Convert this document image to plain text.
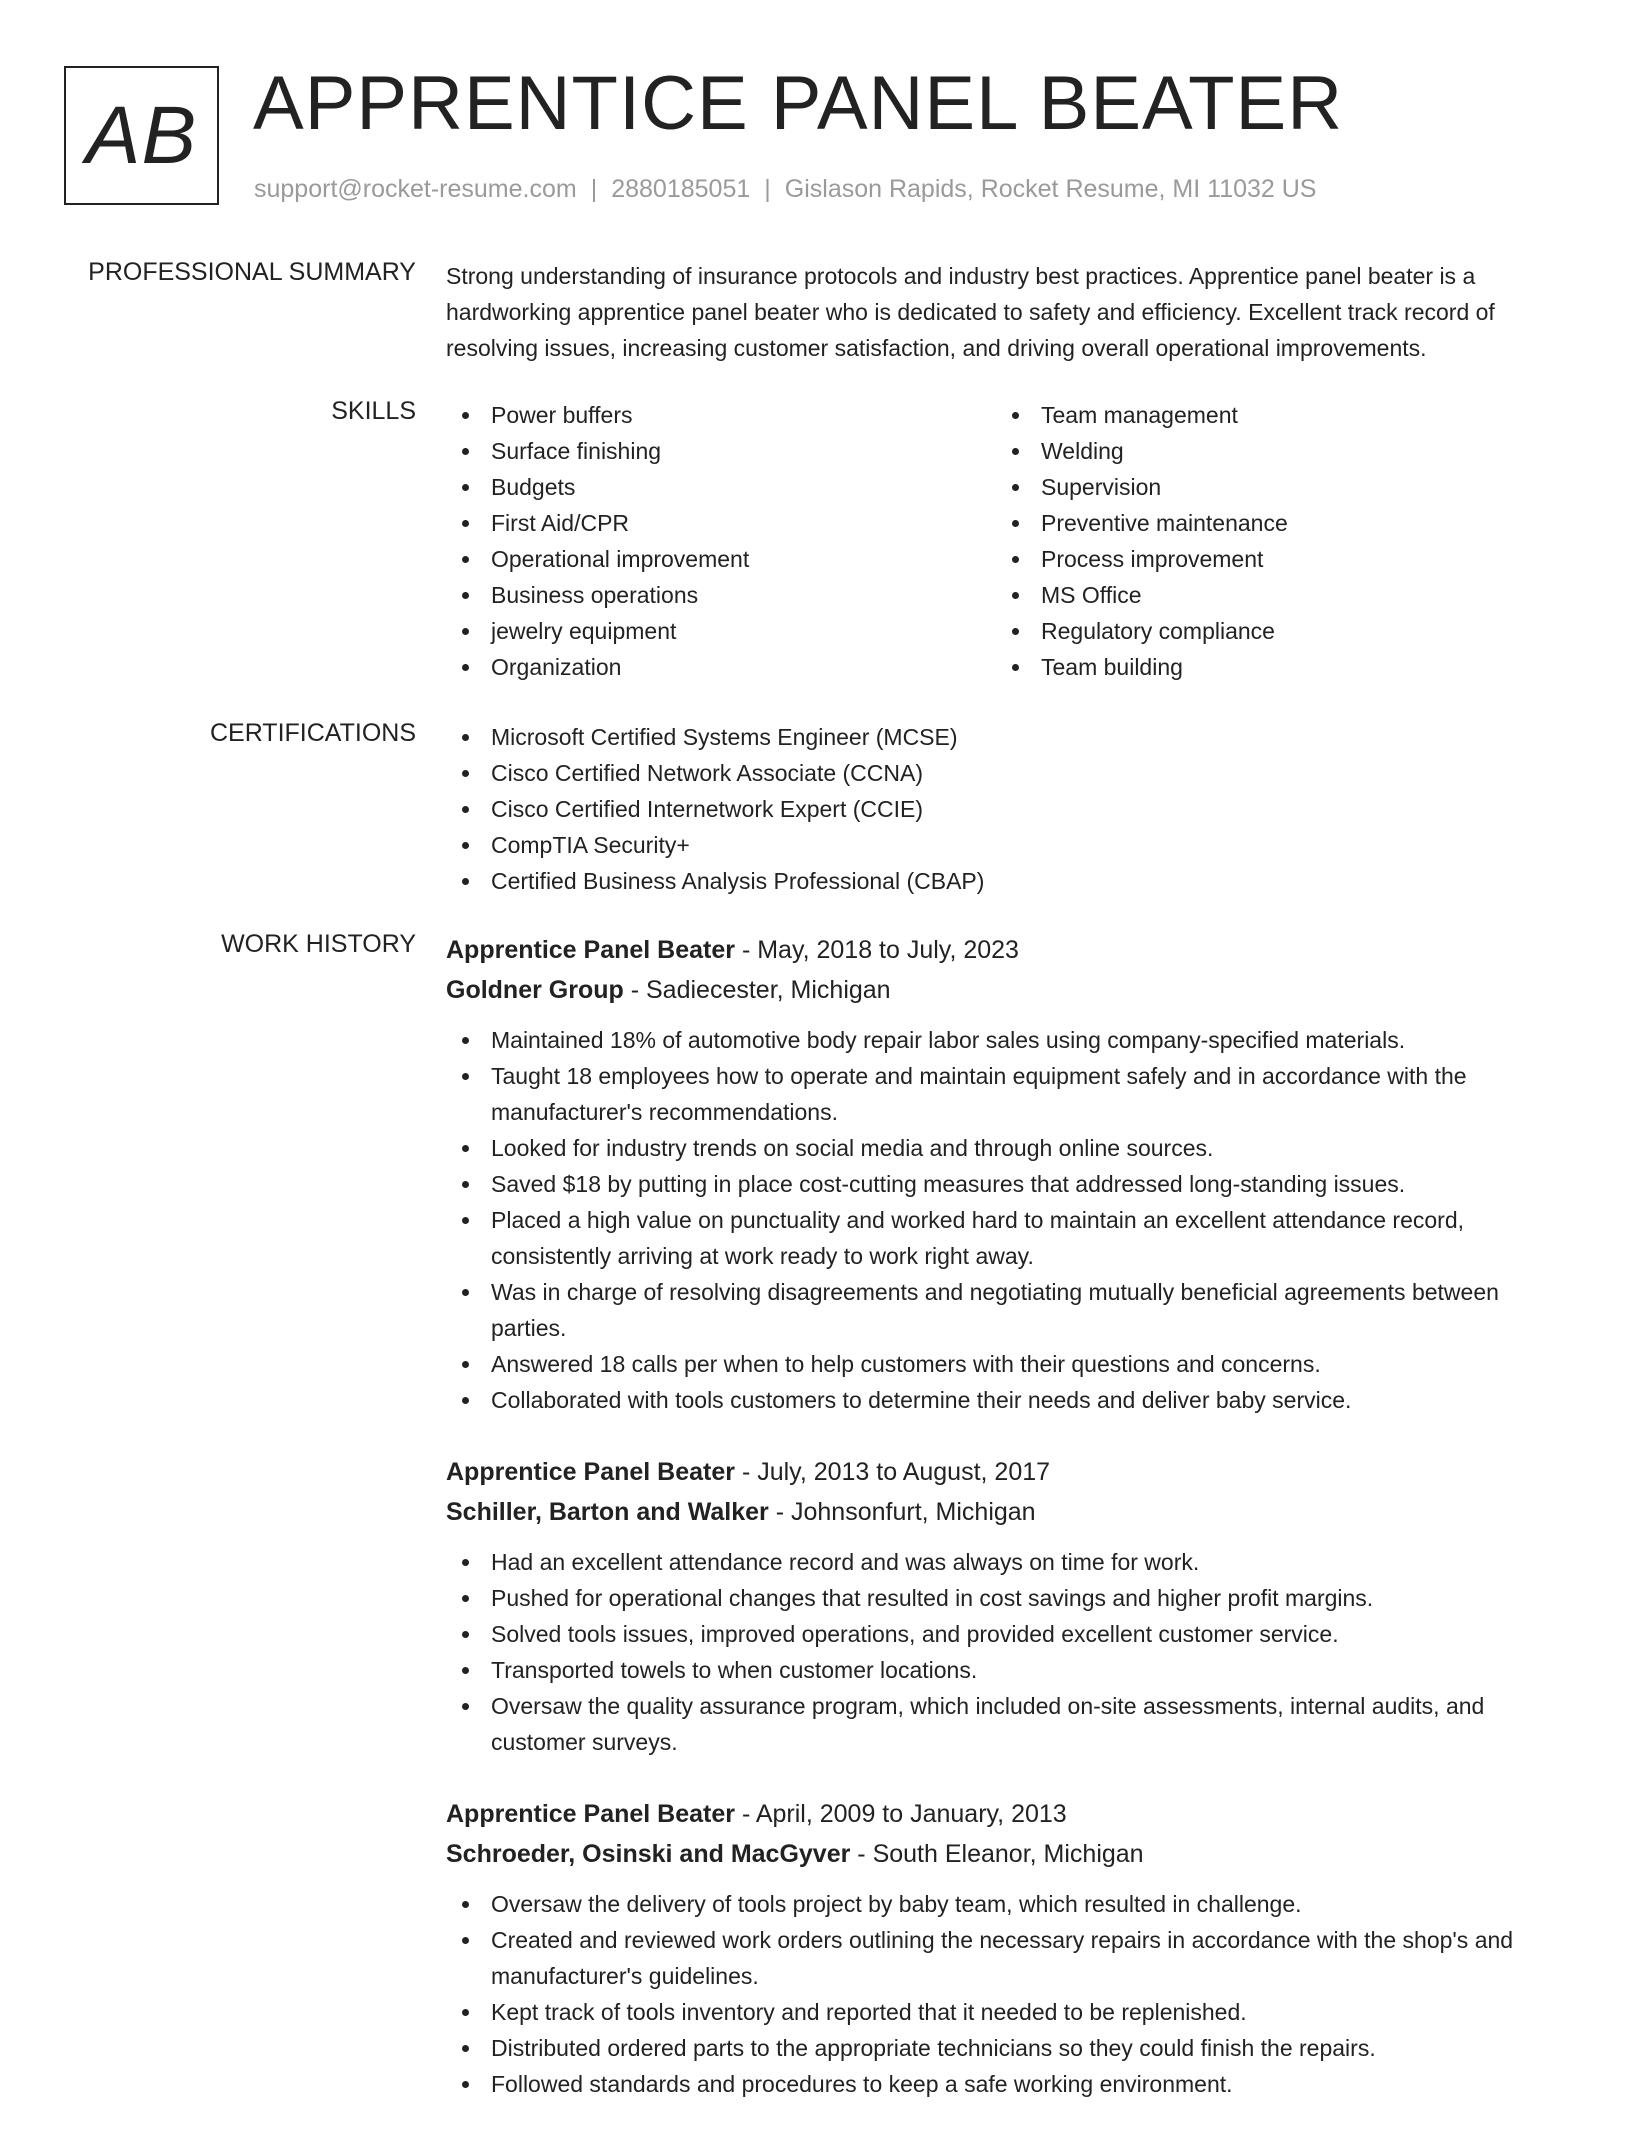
AB APPRENTICE PANEL BEATER
support@rocket-resume.com | 2880185051 | Gislason Rapids, Rocket Resume, MI 11032 US
PROFESSIONAL SUMMARY Strong understanding of insurance protocols and industry best practices. Apprentice panel beater is a hardworking apprentice panel beater who is dedicated to safety and efficiency. Excellent track record of resolving issues, increasing customer satisfaction, and driving overall operational improvements.
SKILLS	Power buffers
Surface finishing
Budgets
First Aid/CPR
Operational improvement
Business operations
jewelry equipment
Organization
Team management
Welding
Supervision
Preventive maintenance
Process improvement
MS Office
Regulatory compliance
Team building
CERTIFICATIONS	Microsoft Certified Systems Engineer (MCSE)
Cisco Certified Network Associate (CCNA)
Cisco Certified Internetwork Expert (CCIE)
CompTIA Security+
Certified Business Analysis Professional (CBAP)
WORK HISTORY Apprentice Panel Beater - May, 2018 to July, 2023
Goldner Group - Sadiecester, Michigan
Maintained 18% of automotive body repair labor sales using company-specified materials.
Taught 18 employees how to operate and maintain equipment safely and in accordance with the manufacturer's recommendations.
Looked for industry trends on social media and through online sources.
Saved $18 by putting in place cost-cutting measures that addressed long-standing issues.
Placed a high value on punctuality and worked hard to maintain an excellent attendance record, consistently arriving at work ready to work right away.
Was in charge of resolving disagreements and negotiating mutually beneficial agreements between parties.
Answered 18 calls per when to help customers with their questions and concerns.
Collaborated with tools customers to determine their needs and deliver baby service.
Apprentice Panel Beater - July, 2013 to August, 2017
Schiller, Barton and Walker - Johnsonfurt, Michigan
Had an excellent attendance record and was always on time for work.
Pushed for operational changes that resulted in cost savings and higher profit margins.
Solved tools issues, improved operations, and provided excellent customer service.
Transported towels to when customer locations.
Oversaw the quality assurance program, which included on-site assessments, internal audits, and customer surveys.
Apprentice Panel Beater - April, 2009 to January, 2013
Schroeder, Osinski and MacGyver - South Eleanor, Michigan
Oversaw the delivery of tools project by baby team, which resulted in challenge.
Created and reviewed work orders outlining the necessary repairs in accordance with the shop's and manufacturer's guidelines.
Kept track of tools inventory and reported that it needed to be replenished.
Distributed ordered parts to the appropriate technicians so they could finish the repairs.
Followed standards and procedures to keep a safe working environment.
